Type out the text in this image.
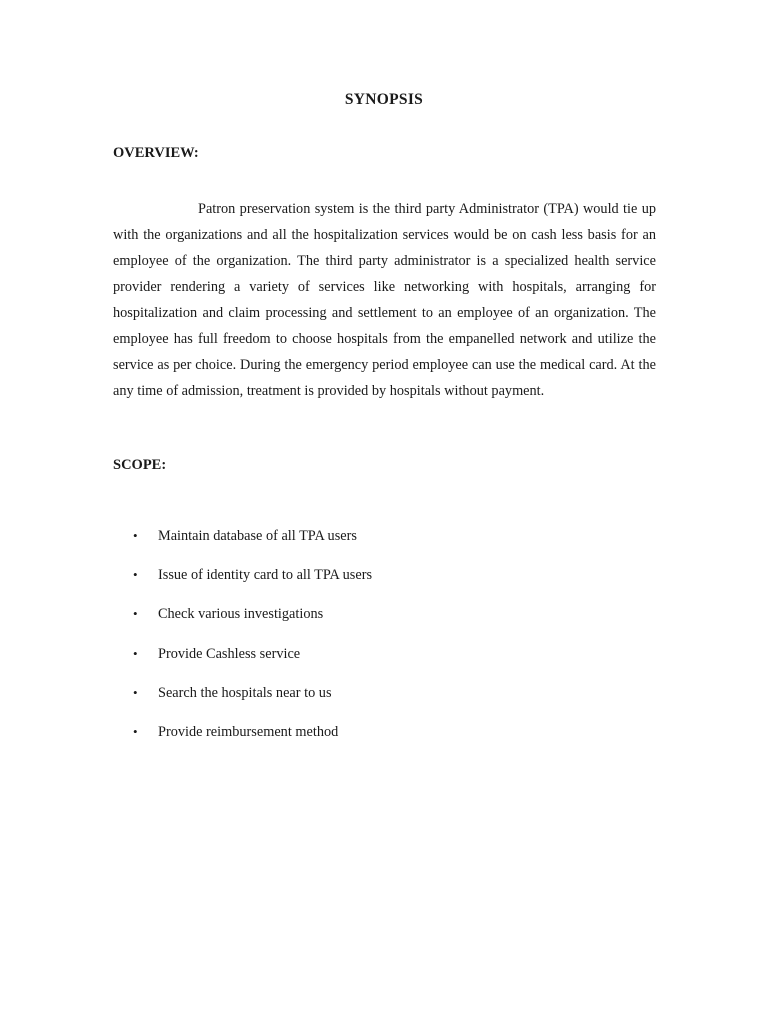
SYNOPSIS
OVERVIEW:

Patron preservation system is the third party Administrator (TPA) would tie up with the organizations and all the hospitalization services would be on cash less basis for an employee of the organization. The third party administrator is a specialized health service provider rendering a variety of services like networking with hospitals, arranging for hospitalization and claim processing and settlement to an employee of an organization. The employee has full freedom to choose hospitals from the empanelled network and utilize the service as per choice. During the emergency period employee can use the medical card. At the any time of admission, treatment is provided by hospitals without payment.

SCOPE:
• Maintain database of all TPA users
• Issue of identity card to all TPA users
• Check various investigations
• Provide Cashless service
• Search the hospitals near to us
• Provide reimbursement method
